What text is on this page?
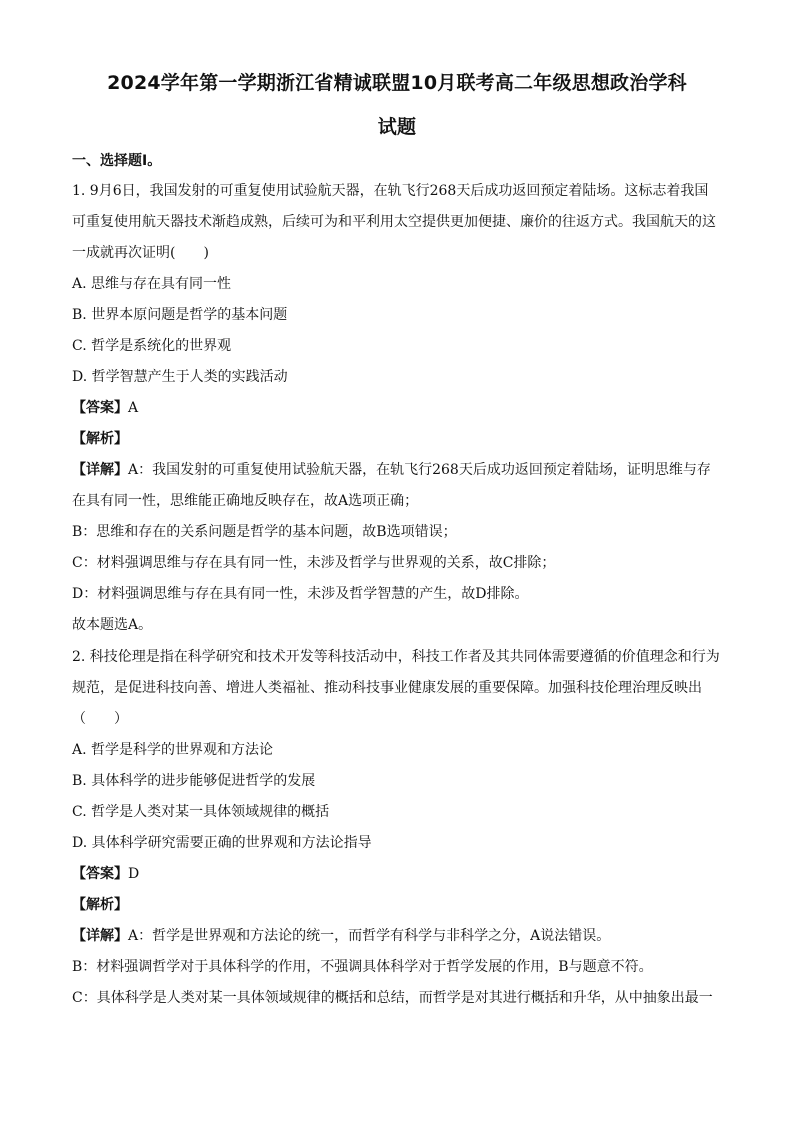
2024学年第一学期浙江省精诚联盟10月联考高二年级思想政治学科
试题
一、选择题Ⅰ。
1. 9月6日，我国发射的可重复使用试验航天器，在轨飞行268天后成功返回预定着陆场。这标志着我国
可重复使用航天器技术渐趋成熟，后续可为和平利用太空提供更加便捷、廉价的往返方式。我国航天的这
一成就再次证明(　　)
A. 思维与存在具有同一性
B. 世界本原问题是哲学的基本问题
C. 哲学是系统化的世界观
D. 哲学智慧产生于人类的实践活动
【答案】A
【解析】
【详解】A：我国发射的可重复使用试验航天器，在轨飞行268天后成功返回预定着陆场，证明思维与存
在具有同一性，思维能正确地反映存在，故A选项正确；
B：思维和存在的关系问题是哲学的基本问题，故B选项错误；
C：材料强调思维与存在具有同一性，未涉及哲学与世界观的关系，故C排除；
D：材料强调思维与存在具有同一性，未涉及哲学智慧的产生，故D排除。
故本题选A。
2. 科技伦理是指在科学研究和技术开发等科技活动中，科技工作者及其共同体需要遵循的价值理念和行为
规范，是促进科技向善、增进人类福祉、推动科技事业健康发展的重要保障。加强科技伦理治理反映出
（　　）
A. 哲学是科学的世界观和方法论
B. 具体科学的进步能够促进哲学的发展
C. 哲学是人类对某一具体领域规律的概括
D. 具体科学研究需要正确的世界观和方法论指导
【答案】D
【解析】
【详解】A：哲学是世界观和方法论的统一，而哲学有科学与非科学之分，A说法错误。
B：材料强调哲学对于具体科学的作用，不强调具体科学对于哲学发展的作用，B与题意不符。
C：具体科学是人类对某一具体领域规律的概括和总结，而哲学是对其进行概括和升华，从中抽象出最一
